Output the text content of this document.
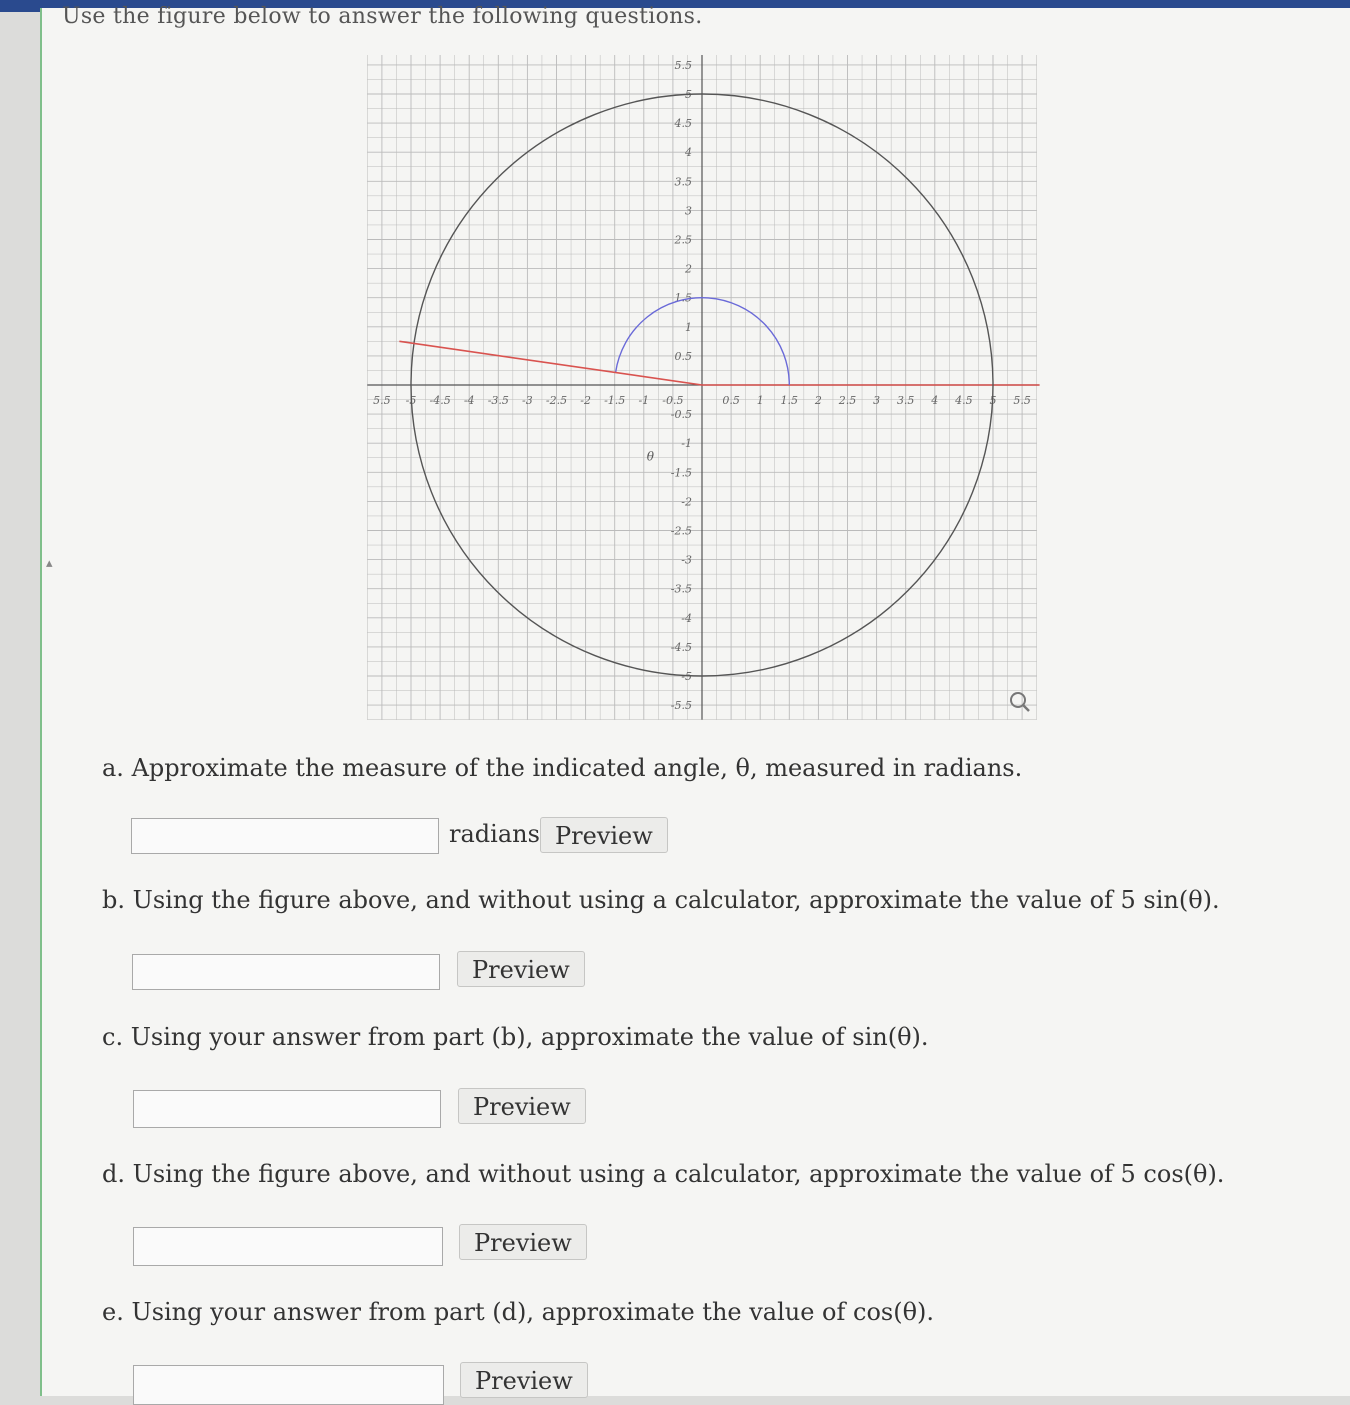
Use the figure below to answer the following questions.
5.5 -5 -4.5 -4 -3.5 -3 -2.5 -2 -1.5 -1 -0.5	0.5 1 1.5 2 2.5 3 3.5 4 4.5 5 5.5
5.5
5
4.5
4
3.5
3
2.5
2
1.5
1
0.5
-0.5
-1
-1.5
-2
-2.5
-3
-3.5
-4
-4.5
-5
-5.5
θ
▴
a. Approximate the measure of the indicated angle, θ, measured in radians.
radians Preview
b. Using the figure above, and without using a calculator, approximate the value of 5 sin(θ).
Preview
c. Using your answer from part (b), approximate the value of sin(θ).
Preview
d. Using the figure above, and without using a calculator, approximate the value of 5 cos(θ).
Preview
e. Using your answer from part (d), approximate the value of cos(θ).
Preview
